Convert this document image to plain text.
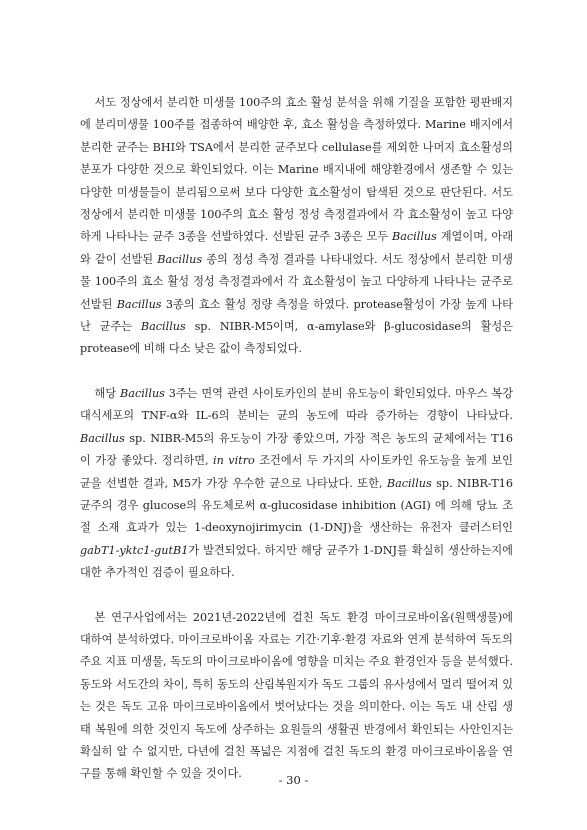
서도 정상에서 분리한 미생물 100주의 효소 활성 분석을 위해 기질을 포함한 평판배지에 분리미생물 100주를 접종하여 배양한 후, 효소 활성을 측정하였다. Marine 배지에서 분리한 균주는 BHI와 TSA에서 분리한 균주보다 cellulase를 제외한 나머지 효소활성의 분포가 다양한 것으로 확인되었다. 이는 Marine 배지내에 해양환경에서 생존할 수 있는 다양한 미생물들이 분리됨으로써 보다 다양한 효소활성이 탐색된 것으로 판단된다. 서도 정상에서 분리한 미생물 100주의 효소 활성 정성 측정결과에서 각 효소활성이 높고 다양하게 나타나는 균주 3종을 선발하였다. 선발된 균주 3종은 모두 Bacillus 계열이며, 아래와 같이 선발된 Bacillus 종의 정성 측정 결과를 나타내었다. 서도 정상에서 분리한 미생물 100주의 효소 활성 정성 측정결과에서 각 효소활성이 높고 다양하게 나타나는 균주로 선발된 Bacillus 3종의 효소 활성 정량 측정을 하였다. protease활성이 가장 높게 나타난 균주는 Bacillus sp. NIBR-M5이며, α-amylase와 β-glucosidase의 활성은 protease에 비해 다소 낮은 값이 측정되었다.

해당 Bacillus 3주는 면역 관련 사이토카인의 분비 유도능이 확인되었다. 마우스 복강 대식세포의 TNF-α와 IL-6의 분비는 균의 농도에 따라 증가하는 경향이 나타났다. Bacillus sp. NIBR-M5의 유도능이 가장 좋았으며, 가장 적은 농도의 균체에서는 T16이 가장 좋았다. 정리하면, in vitro 조건에서 두 가지의 사이토카인 유도능을 높게 보인 균을 선별한 결과, M5가 가장 우수한 균으로 나타났다. 또한, Bacillus sp. NIBR-T16 균주의 경우 glucose의 유도체로써 α-glucosidase inhibition (AGI) 에 의해 당뇨 조절 소재 효과가 있는 1-deoxynojirimycin (1-DNJ)을 생산하는 유전자 클러스터인 gabT1-yktc1-gutB1가 발견되었다. 하지만 해당 균주가 1-DNJ를 확실히 생산하는지에 대한 추가적인 검증이 필요하다.

본 연구사업에서는 2021년-2022년에 걸친 독도 환경 마이크로바이옴(원핵생물)에 대하여 분석하였다. 마이크로바이옴 자료는 기간·기후·환경 자료와 연계 분석하여 독도의 주요 지표 미생물, 독도의 마이크로바이옴에 영향을 미치는 주요 환경인자 등을 분석했다. 동도와 서도간의 차이, 특히 동도의 산림복원지가 독도 그룹의 유사성에서 멀리 떨어져 있는 것은 독도 고유 마이크로바이옴에서 벗어났다는 것을 의미한다. 이는 독도 내 산림 생태 복원에 의한 것인지 독도에 상주하는 요원들의 생활권 반경에서 확인되는 사안인지는 확실히 알 수 없지만, 다년에 걸친 폭넓은 지점에 걸친 독도의 환경 마이크로바이옴을 연구를 통해 확인할 수 있을 것이다.	- 30 -
